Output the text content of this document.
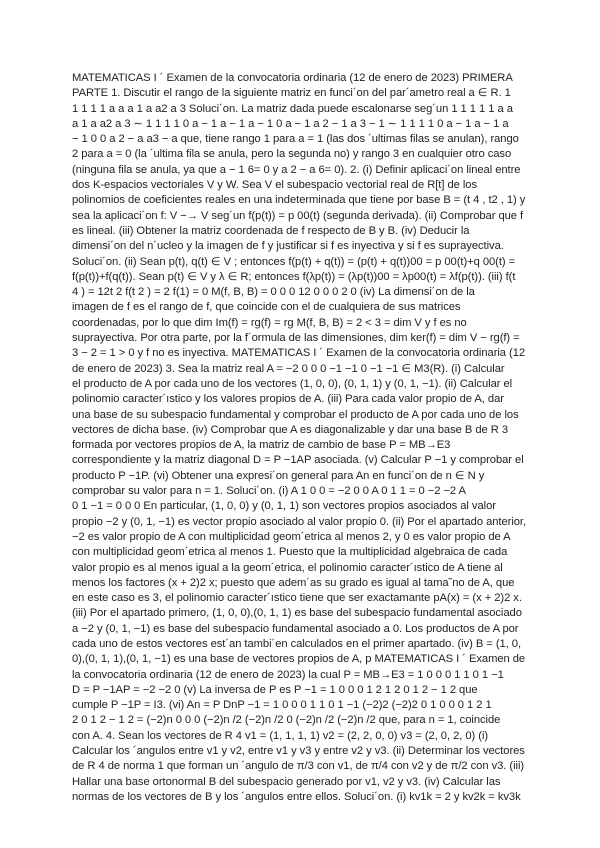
MATEMATICAS I ´ Examen de la convocatoria ordinaria (12 de enero de 2023) PRIMERA
PARTE 1. Discutir el rango de la siguiente matriz en funci´on del par´ametro real a ∈ R. 1
1 1 1 1 a a a 1 a a2 a 3 Soluci´on. La matriz dada puede escalonarse seg´un 1 1 1 1 1 a a
a 1 a a2 a 3 ∼ 1 1 1 1 0 a − 1 a − 1 a − 1 0 a − 1 a 2 − 1 a 3 − 1 ∼ 1 1 1 1 0 a − 1 a − 1 a
− 1 0 0 a 2 − a a3 − a que, tiene rango 1 para a = 1 (las dos ´ultimas filas se anulan), rango
2 para a = 0 (la ´ultima fila se anula, pero la segunda no) y rango 3 en cualquier otro caso
(ninguna fila se anula, ya que a − 1 6= 0 y a 2 − a 6= 0). 2. (i) Definir aplicaci´on lineal entre
dos K-espacios vectoriales V y W. Sea V el subespacio vectorial real de R[t] de los
polinomios de coeficientes reales en una indeterminada que tiene por base B = (t 4 , t2 , 1) y
sea la aplicaci´on f: V −→ V seg´un f(p(t)) = p 00(t) (segunda derivada). (ii) Comprobar que f
es lineal. (iii) Obtener la matriz coordenada de f respecto de B y B. (iv) Deducir la
dimensi´on del n´ucleo y la imagen de f y justificar si f es inyectiva y si f es suprayectiva.
Soluci´on. (ii) Sean p(t), q(t) ∈ V ; entonces f(p(t) + q(t)) = (p(t) + q(t))00 = p 00(t)+q 00(t) =
f(p(t))+f(q(t)). Sean p(t) ∈ V y λ ∈ R; entonces f(λp(t)) = (λp(t))00 = λp00(t) = λf(p(t)). (iii) f(t
4 ) = 12t 2 f(t 2 ) = 2 f(1) = 0 M(f, B, B) = 0 0 0 12 0 0 0 2 0 (iv) La dimensi´on de la
imagen de f es el rango de f, que coincide con el de cualquiera de sus matrices
coordenadas, por lo que dim Im(f) = rg(f) = rg M(f, B, B) = 2 < 3 = dim V y f es no
suprayectiva. Por otra parte, por la f´ormula de las dimensiones, dim ker(f) = dim V − rg(f) =
3 − 2 = 1 > 0 y f no es inyectiva. MATEMATICAS I ´ Examen de la convocatoria ordinaria (12
de enero de 2023) 3. Sea la matriz real A = −2 0 0 0 −1 −1 0 −1 −1 ∈ M3(R). (i) Calcular
el producto de A por cada uno de los vectores (1, 0, 0), (0, 1, 1) y (0, 1, −1). (ii) Calcular el
polinomio caracter´ıstico y los valores propios de A. (iii) Para cada valor propio de A, dar
una base de su subespacio fundamental y comprobar el producto de A por cada uno de los
vectores de dicha base. (iv) Comprobar que A es diagonalizable y dar una base B de R 3
formada por vectores propios de A, la matriz de cambio de base P = MB→E3
correspondiente y la matriz diagonal D = P −1AP asociada. (v) Calcular P −1 y comprobar el
producto P −1P. (vi) Obtener una expresi´on general para An en funci´on de n ∈ N y
comprobar su valor para n = 1. Soluci´on. (i) A 1 0 0 = −2 0 0 A 0 1 1 = 0 −2 −2 A
0 1 −1 = 0 0 0 En particular, (1, 0, 0) y (0, 1, 1) son vectores propios asociados al valor
propio −2 y (0, 1, −1) es vector propio asociado al valor propio 0. (ii) Por el apartado anterior,
−2 es valor propio de A con multiplicidad geom´etrica al menos 2, y 0 es valor propio de A
con multiplicidad geom´etrica al menos 1. Puesto que la multiplicidad algebraica de cada
valor propio es al menos igual a la geom´etrica, el polinomio caracter´ıstico de A tiene al
menos los factores (x + 2)2 x; puesto que adem´as su grado es igual al tama˜no de A, que
en este caso es 3, el polinomio caracter´ıstico tiene que ser exactamante pA(x) = (x + 2)2 x.
(iii) Por el apartado primero, (1, 0, 0),(0, 1, 1) es base del subespacio fundamental asociado
a −2 y (0, 1, −1) es base del subespacio fundamental asociado a 0. Los productos de A por
cada uno de estos vectores est´an tambi´en calculados en el primer apartado. (iv) B = (1, 0,
0),(0, 1, 1),(0, 1, −1) es una base de vectores propios de A, p MATEMATICAS I ´ Examen de
la convocatoria ordinaria (12 de enero de 2023) la cual P = MB→E3 = 1 0 0 0 1 1 0 1 −1
D = P −1AP = −2 −2 0 (v) La inversa de P es P −1 = 1 0 0 0 1 2 1 2 0 1 2 − 1 2 que
cumple P −1P = I3. (vi) An = P DnP −1 = 1 0 0 0 1 1 0 1 −1 (−2)2 (−2)2 0 1 0 0 0 1 2 1
2 0 1 2 − 1 2 = (−2)n 0 0 0 (−2)n /2 (−2)n /2 0 (−2)n /2 (−2)n /2 que, para n = 1, coincide
con A. 4. Sean los vectores de R 4 v1 = (1, 1, 1, 1) v2 = (2, 2, 0, 0) v3 = (2, 0, 2, 0) (i)
Calcular los ´angulos entre v1 y v2, entre v1 y v3 y entre v2 y v3. (ii) Determinar los vectores
de R 4 de norma 1 que forman un ´angulo de π/3 con v1, de π/4 con v2 y de π/2 con v3. (iii)
Hallar una base ortonormal B del subespacio generado por v1, v2 y v3. (iv) Calcular las
normas de los vectores de B y los ´angulos entre ellos. Soluci´on. (i) kv1k = 2 y kv2k = kv3k
